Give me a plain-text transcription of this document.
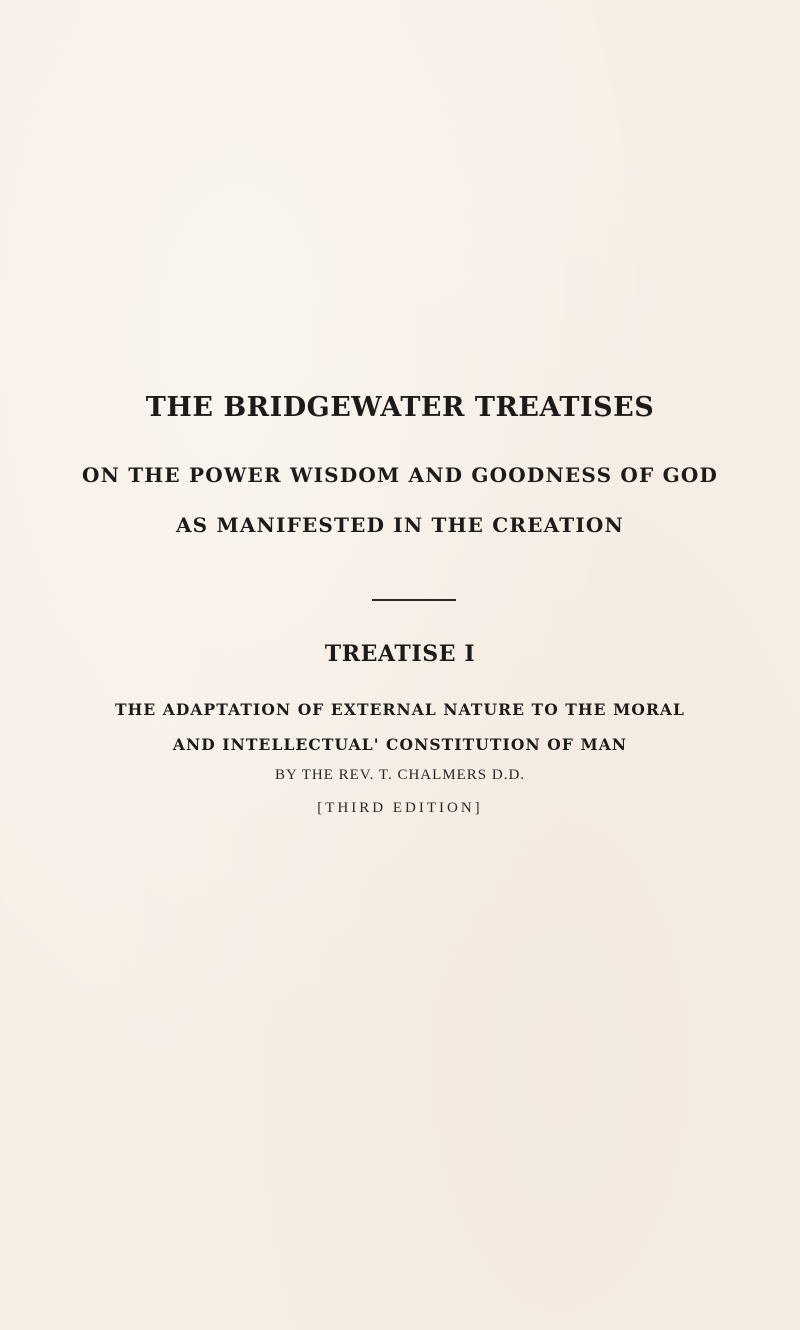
THE BRIDGEWATER TREATISES
ON THE POWER WISDOM AND GOODNESS OF GOD
AS MANIFESTED IN THE CREATION
TREATISE I
THE ADAPTATION OF EXTERNAL NATURE TO THE MORAL
AND INTELLECTUAL' CONSTITUTION OF MAN
BY THE REV. T. CHALMERS D.D.
[THIRD EDITION]
